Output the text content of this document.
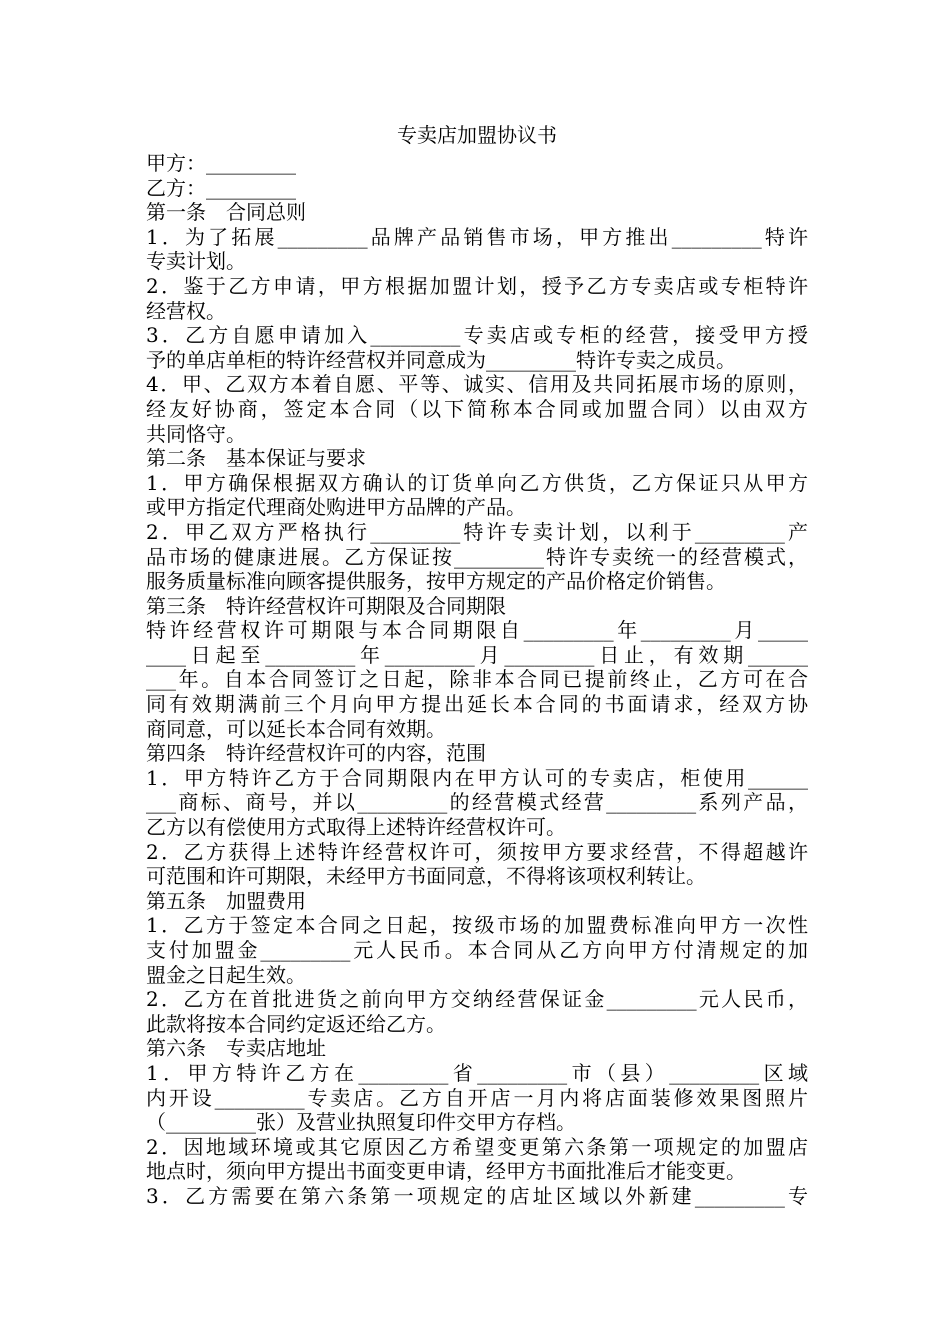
专卖店加盟协议书
甲方：_________
乙方：_________
第一条　合同总则
1．为了拓展_________品牌产品销售市场，甲方推出_________特许
专卖计划。
2．鉴于乙方申请，甲方根据加盟计划，授予乙方专卖店或专柜特许
经营权。
3．乙方自愿申请加入_________专卖店或专柜的经营，接受甲方授
予的单店单柜的特许经营权并同意成为_________特许专卖之成员。
4．甲、乙双方本着自愿、平等、诚实、信用及共同拓展市场的原则，
经友好协商，签定本合同（以下简称本合同或加盟合同）以由双方
共同恪守。
第二条　基本保证与要求
1．甲方确保根据双方确认的订货单向乙方供货，乙方保证只从甲方
或甲方指定代理商处购进甲方品牌的产品。
2．甲乙双方严格执行_________特许专卖计划，以利于_________产
品市场的健康进展。乙方保证按_________特许专卖统一的经营模式，
服务质量标准向顾客提供服务，按甲方规定的产品价格定价销售。
第三条　特许经营权许可期限及合同期限
特许经营权许可期限与本合同期限自_________年_________月_____
____日起至_________年_________月_________日止，有效期______
___年。自本合同签订之日起，除非本合同已提前终止，乙方可在合
同有效期满前三个月向甲方提出延长本合同的书面请求，经双方协
商同意，可以延长本合同有效期。
第四条　特许经营权许可的内容，范围
1．甲方特许乙方于合同期限内在甲方认可的专卖店，柜使用______
___商标、商号，并以_________的经营模式经营_________系列产品，
乙方以有偿使用方式取得上述特许经营权许可。
2．乙方获得上述特许经营权许可，须按甲方要求经营，不得超越许
可范围和许可期限，未经甲方书面同意，不得将该项权利转让。
第五条　加盟费用
1．乙方于签定本合同之日起，按级市场的加盟费标准向甲方一次性
支付加盟金_________元人民币。本合同从乙方向甲方付清规定的加
盟金之日起生效。
2．乙方在首批进货之前向甲方交纳经营保证金_________元人民币，
此款将按本合同约定返还给乙方。
第六条　专卖店地址
1．甲方特许乙方在_________省_________市（县）_________区域
内开设_________专卖店。乙方自开店一月内将店面装修效果图照片
（_________张）及营业执照复印件交甲方存档。
2．因地域环境或其它原因乙方希望变更第六条第一项规定的加盟店
地点时，须向甲方提出书面变更申请，经甲方书面批准后才能变更。
3．乙方需要在第六条第一项规定的店址区域以外新建_________专
